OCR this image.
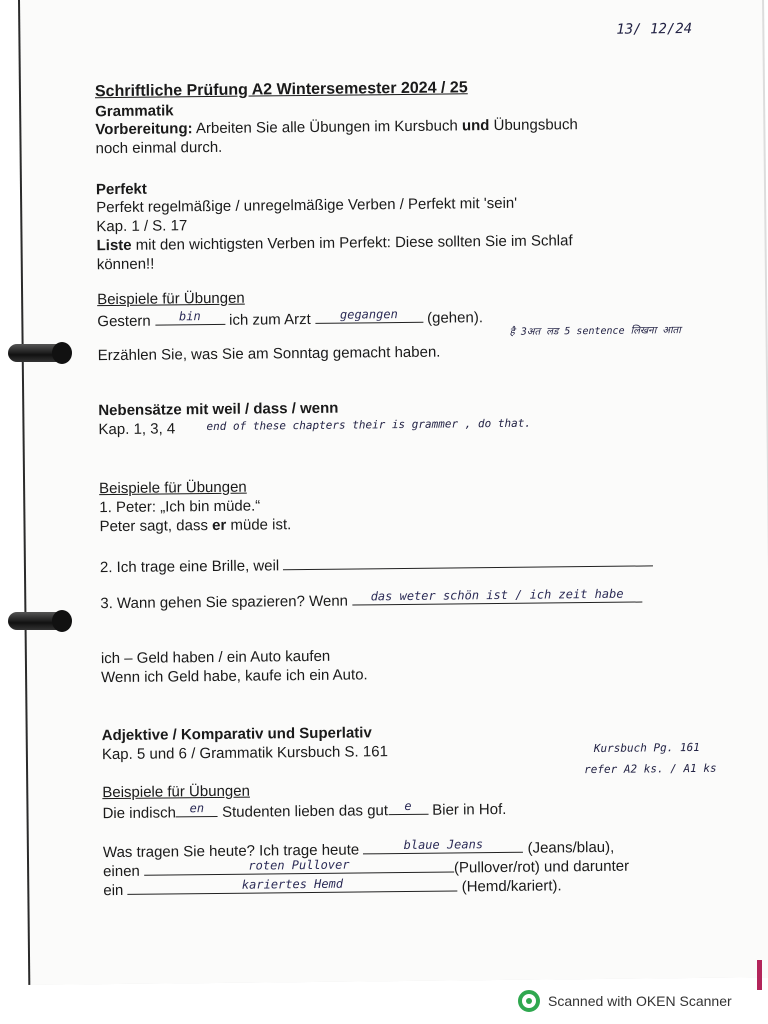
13/ 12/24
Schriftliche Prüfung A2 Wintersemester 2024 / 25
Grammatik
Vorbereitung: Arbeiten Sie alle Übungen im Kursbuch und Übungsbuch
noch einmal durch.
Perfekt
Perfekt regelmäßige / unregelmäßige Verben / Perfekt mit 'sein'
Kap. 1 / S. 17
Liste mit den wichtigsten Verben im Perfekt: Diese sollten Sie im Schlaf
können!!
Beispiele für Übungen
Gestern	bin	ich zum Arzt	gegangen	(gehen).
Erzählen Sie, was Sie am Sonntag gemacht haben.
है 3अत लड 5 sentence लिखना आता
Nebensätze mit weil / dass / wenn
Kap. 1, 3, 4	end of these chapters their is grammer , do that.
Beispiele für Übungen
1. Peter: „Ich bin müde.“
Peter sagt, dass er müde ist.
2. Ich trage eine Brille, weil
3. Wann gehen Sie spazieren? Wenn	das weter schön ist / ich zeit habe
ich – Geld haben / ein Auto kaufen
Wenn ich Geld habe, kaufe ich ein Auto.
Adjektive / Komparativ und Superlativ
Kap. 5 und 6 / Grammatik Kursbuch S. 161	Kursbuch Pg. 161
refer A2 ks. / A1 ks
Beispiele für Übungen
Die indisch	en Studenten lieben das gut	e	Bier in Hof.
Was tragen Sie heute? Ich trage heute	blaue Jeans	(Jeans/blau),
einen	roten Pullover	(Pullover/rot) und darunter
ein	kariertes Hemd	(Hemd/kariert).
Scanned with OKEN Scanner
